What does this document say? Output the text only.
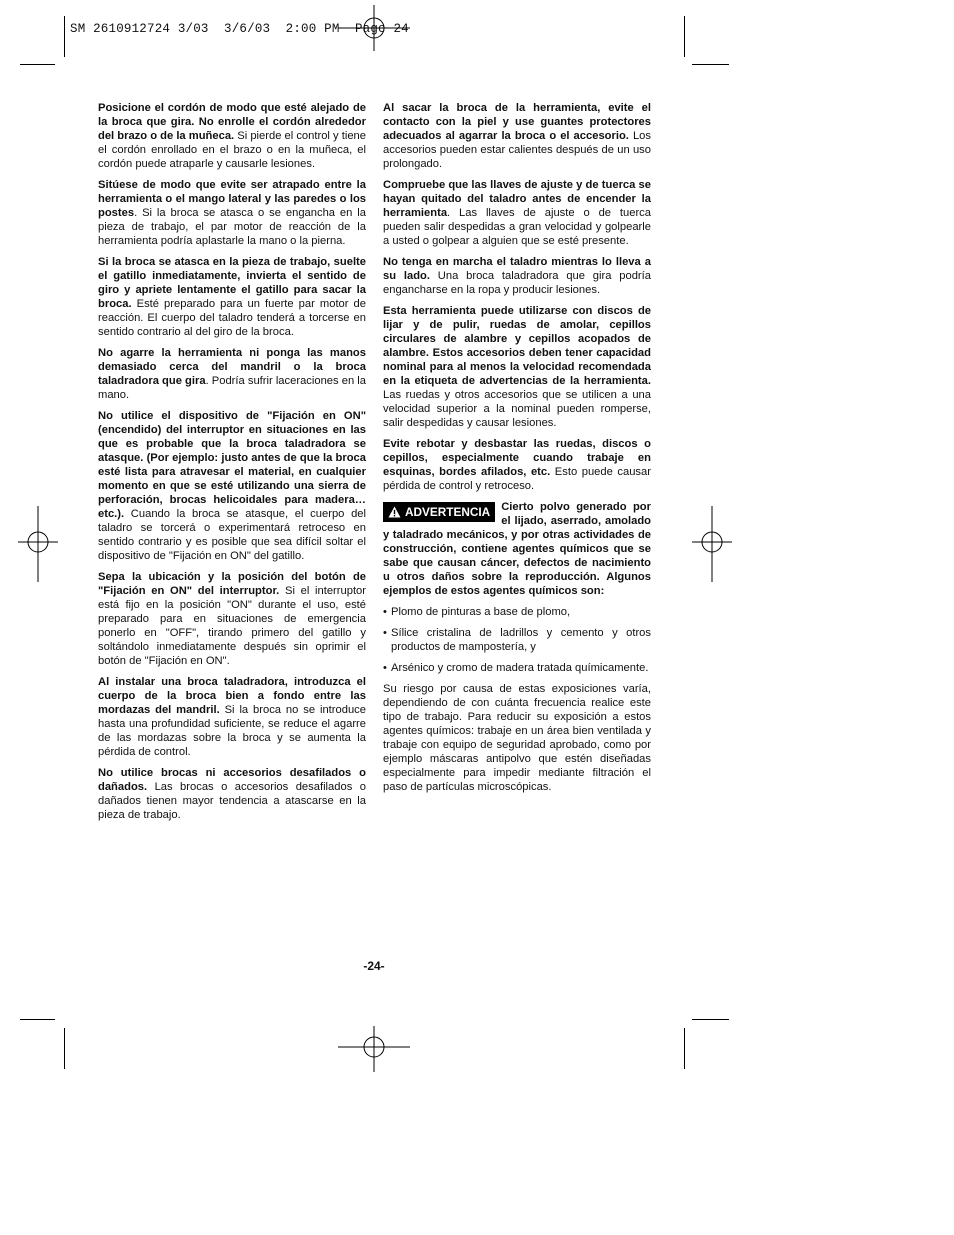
SM 2610912724 3/03  3/6/03  2:00 PM  Page 24

Posicione el cordón de modo que esté alejado de la broca que gira. No enrolle el cordón alrededor del brazo o de la muñeca. Si pierde el control y tiene el cordón enrollado en el brazo o en la muñeca, el cordón puede atraparle y causarle lesiones.

Sitúese de modo que evite ser atrapado entre la herramienta o el mango lateral y las paredes o los postes. Si la broca se atasca o se engancha en la pieza de trabajo, el par motor de reacción de la herramienta podría aplastarle la mano o la pierna.

Si la broca se atasca en la pieza de trabajo, suelte el gatillo inmediatamente, invierta el sentido de giro y apriete lentamente el gatillo para sacar la broca. Esté preparado para un fuerte par motor de reacción. El cuerpo del taladro tenderá a torcerse en sentido contrario al del giro de la broca.

No agarre la herramienta ni ponga las manos demasiado cerca del mandril o la broca taladradora que gira. Podría sufrir laceraciones en la mano.

No utilice el dispositivo de "Fijación en ON" (encendido) del interruptor en situaciones en las que es probable que la broca taladradora se atasque. (Por ejemplo: justo antes de que la broca esté lista para atravesar el material, en cualquier momento en que se esté utilizando una sierra de perforación, brocas helicoidales para madera…etc.). Cuando la broca se atasque, el cuerpo del taladro se torcerá o experimentará retroceso en sentido contrario y es posible que sea difícil soltar el dispositivo de "Fijación en ON" del gatillo.

Sepa la ubicación y la posición del botón de "Fijación en ON" del interruptor. Si el interruptor está fijo en la posición "ON" durante el uso, esté preparado para en situaciones de emergencia ponerlo en "OFF", tirando primero del gatillo y soltándolo inmediatamente después sin oprimir el botón de "Fijación en ON".

Al instalar una broca taladradora, introduzca el cuerpo de la broca bien a fondo entre las mordazas del mandril. Si la broca no se introduce hasta una profundidad suficiente, se reduce el agarre de las mordazas sobre la broca y se aumenta la pérdida de control.

No utilice brocas ni accesorios desafilados o dañados. Las brocas o accesorios desafilados o dañados tienen mayor tendencia a atascarse en la pieza de trabajo.

Al sacar la broca de la herramienta, evite el contacto con la piel y use guantes protectores adecuados al agarrar la broca o el accesorio. Los accesorios pueden estar calientes después de un uso prolongado.

Compruebe que las llaves de ajuste y de tuerca se hayan quitado del taladro antes de encender la herramienta. Las llaves de ajuste o de tuerca pueden salir despedidas a gran velocidad y golpearle a usted o golpear a alguien que se esté presente.

No tenga en marcha el taladro mientras lo lleva a su lado. Una broca taladradora que gira podría engancharse en la ropa y producir lesiones.

Esta herramienta puede utilizarse con discos de lijar y de pulir, ruedas de amolar, cepillos circulares de alambre y cepillos acopados de alambre. Estos accesorios deben tener capacidad nominal para al menos la velocidad recomendada en la etiqueta de advertencias de la herramienta. Las ruedas y otros accesorios que se utilicen a una velocidad superior a la nominal pueden romperse, salir despedidas y causar lesiones.

Evite rebotar y desbastar las ruedas, discos o cepillos, especialmente cuando trabaje en esquinas, bordes afilados, etc. Esto puede causar pérdida de control y retroceso.

ADVERTENCIA Cierto polvo generado por el lijado, aserrado, amolado y taladrado mecánicos, y por otras actividades de construcción, contiene agentes químicos que se sabe que causan cáncer, defectos de nacimiento u otros daños sobre la reproducción. Algunos ejemplos de estos agentes químicos son:

• Plomo de pinturas a base de plomo,
• Sílice cristalina de ladrillos y cemento y otros productos de mampostería, y
• Arsénico y cromo de madera tratada químicamente.

Su riesgo por causa de estas exposiciones varía, dependiendo de con cuánta frecuencia realice este tipo de trabajo. Para reducir su exposición a estos agentes químicos: trabaje en un área bien ventilada y trabaje con equipo de seguridad aprobado, como por ejemplo máscaras antipolvo que estén diseñadas especialmente para impedir mediante filtración el paso de partículas microscópicas.

-24-
